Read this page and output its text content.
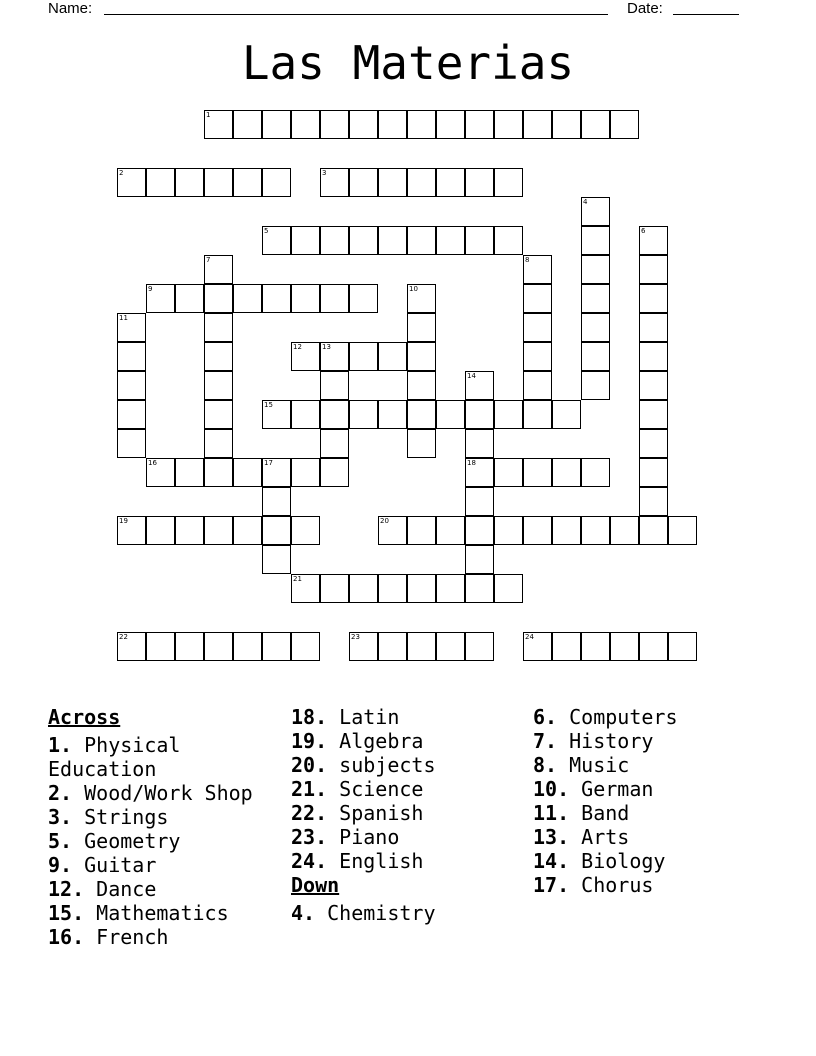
Name:	Date:
Las Materias
1
2	3
5
9
12
15
16	18
19	20
21
22	23	24
4
6
7	8
10
11
13
14
17
Across
1. Physical Education
2. Wood/Work Shop
3. Strings
5. Geometry
9. Guitar
12. Dance
15. Mathematics
16. French
18. Latin
19. Algebra
20. subjects
21. Science
22. Spanish
23. Piano
24. English
Down
4. Chemistry
6. Computers
7. History
8. Music
10. German
11. Band
13. Arts
14. Biology
17. Chorus
